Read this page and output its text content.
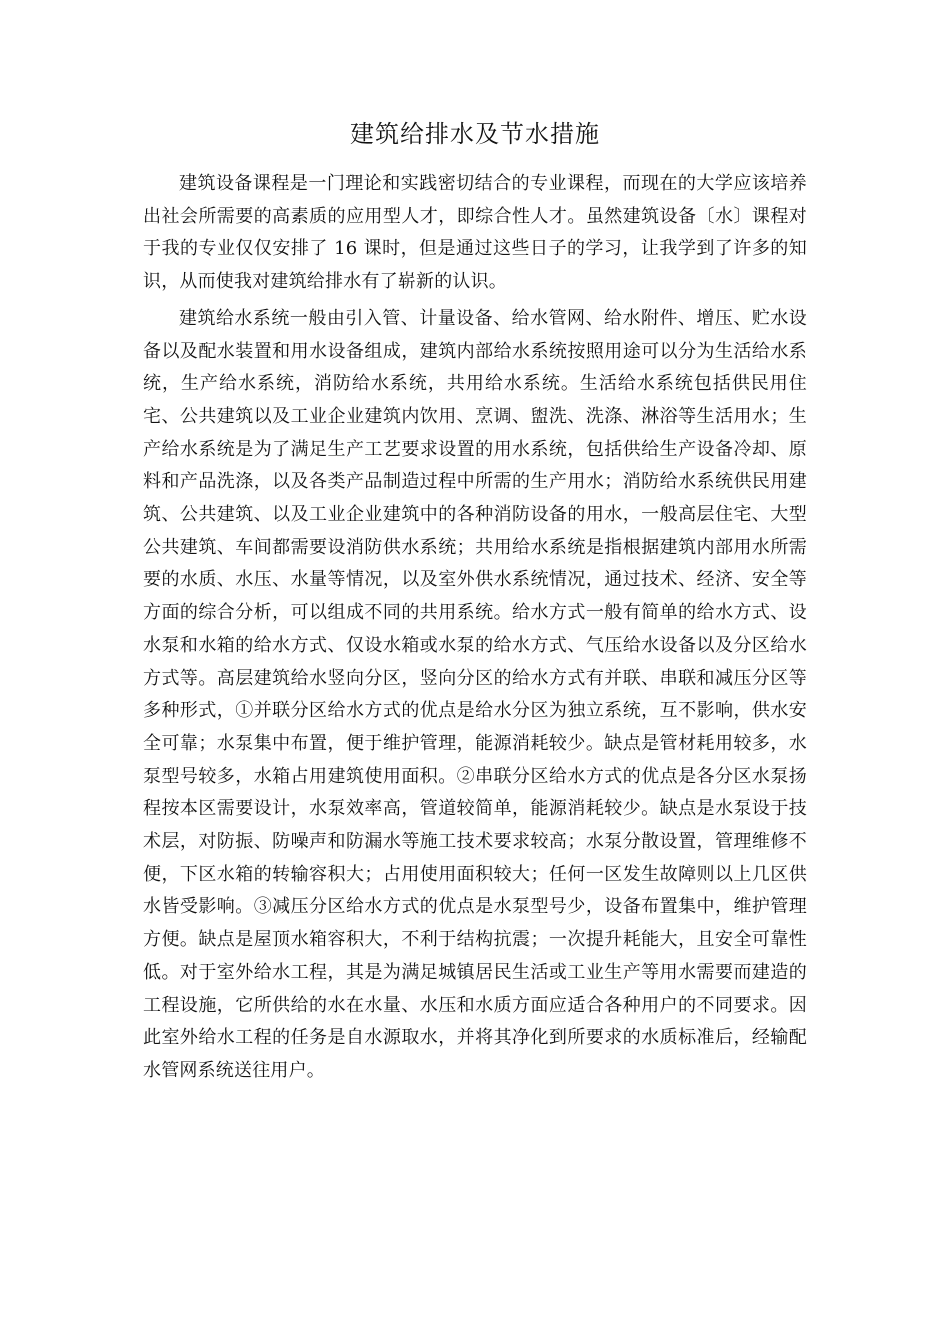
建筑给排水及节水措施

建筑设备课程是一门理论和实践密切结合的专业课程，而现在的大学应该培养出社会所需要的高素质的应用型人才，即综合性人才。虽然建筑设备〔水〕课程对于我的专业仅仅安排了 16 课时，但是通过这些日子的学习，让我学到了许多的知识，从而使我对建筑给排水有了崭新的认识。

建筑给水系统一般由引入管、计量设备、给水管网、给水附件、增压、贮水设备以及配水装置和用水设备组成，建筑内部给水系统按照用途可以分为生活给水系统，生产给水系统，消防给水系统，共用给水系统。生活给水系统包括供民用住宅、公共建筑以及工业企业建筑内饮用、烹调、盥洗、洗涤、淋浴等生活用水；生产给水系统是为了满足生产工艺要求设置的用水系统，包括供给生产设备冷却、原料和产品洗涤，以及各类产品制造过程中所需的生产用水；消防给水系统供民用建筑、公共建筑、以及工业企业建筑中的各种消防设备的用水，一般高层住宅、大型公共建筑、车间都需要设消防供水系统；共用给水系统是指根据建筑内部用水所需要的水质、水压、水量等情况，以及室外供水系统情况，通过技术、经济、安全等方面的综合分析，可以组成不同的共用系统。给水方式一般有简单的给水方式、设水泵和水箱的给水方式、仅设水箱或水泵的给水方式、气压给水设备以及分区给水方式等。高层建筑给水竖向分区，竖向分区的给水方式有并联、串联和减压分区等多种形式，①并联分区给水方式的优点是给水分区为独立系统，互不影响，供水安全可靠；水泵集中布置，便于维护管理，能源消耗较少。缺点是管材耗用较多，水泵型号较多，水箱占用建筑使用面积。②串联分区给水方式的优点是各分区水泵扬程按本区需要设计，水泵效率高，管道较简单，能源消耗较少。缺点是水泵设于技术层，对防振、防噪声和防漏水等施工技术要求较高；水泵分散设置，管理维修不便，下区水箱的转输容积大；占用使用面积较大；任何一区发生故障则以上几区供水皆受影响。③减压分区给水方式的优点是水泵型号少，设备布置集中，维护管理方便。缺点是屋顶水箱容积大，不利于结构抗震；一次提升耗能大，且安全可靠性低。对于室外给水工程，其是为满足城镇居民生活或工业生产等用水需要而建造的工程设施，它所供给的水在水量、水压和水质方面应适合各种用户的不同要求。因此室外给水工程的任务是自水源取水，并将其净化到所要求的水质标准后，经输配水管网系统送往用户。
